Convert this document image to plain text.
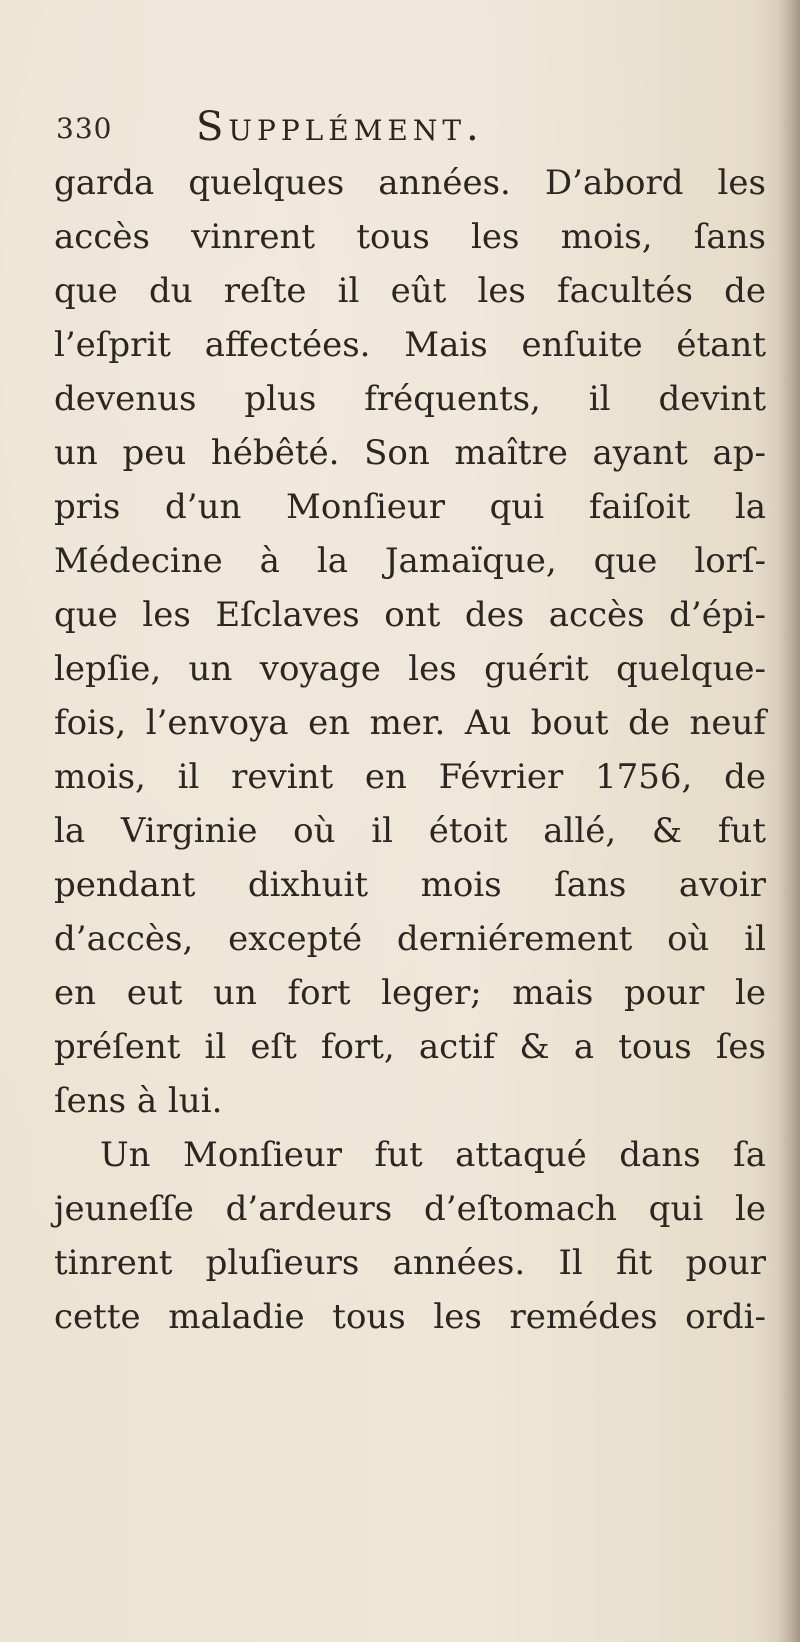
330 Supplément.
garda quelques années. D’abord les
accès vinrent tous les mois, ſans
que du reſte il eût les facultés de
l’eſprit affectées. Mais enſuite étant
devenus plus fréquents, il devint
un peu hébêté. Son maître ayant ap-
pris d’un Monſieur qui faiſoit la
Médecine à la Jamaïque, que lorſ-
que les Eſclaves ont des accès d’épi-
lepſie, un voyage les guérit quelque-
fois, l’envoya en mer. Au bout de neuf
mois, il revint en Février 1756, de
la Virginie où il étoit allé, & fut
pendant dixhuit mois ſans avoir
d’accès, excepté derniérement où il
en eut un fort leger; mais pour le
préſent il eſt fort, actif & a tous ſes
ſens à lui.
Un Monſieur fut attaqué dans ſa
jeuneſſe d’ardeurs d’eſtomach qui le
tinrent pluſieurs années. Il fit pour
cette maladie tous les remédes ordi-
